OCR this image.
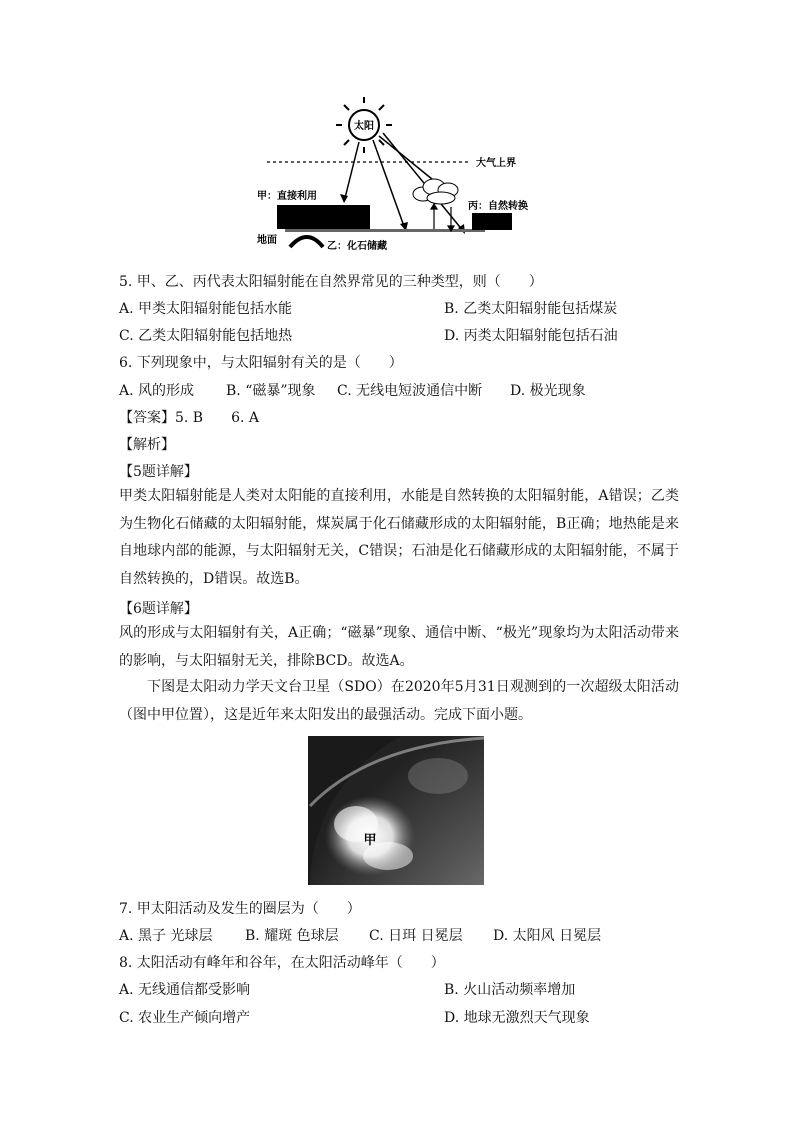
太阳
大气上界
甲：直接利用
丙：自然转换
地面
乙：化石储藏
5. 甲、乙、丙代表太阳辐射能在自然界常见的三种类型，则（　　）
A. 甲类太阳辐射能包括水能	B. 乙类太阳辐射能包括煤炭
C. 乙类太阳辐射能包括地热	D. 丙类太阳辐射能包括石油
6. 下列现象中，与太阳辐射有关的是（　　）
A. 风的形成 B. “磁暴”现象 C. 无线电短波通信中断 D. 极光现象
【答案】5. B　　6. A
【解析】
【5题详解】
甲类太阳辐射能是人类对太阳能的直接利用，水能是自然转换的太阳辐射能，A错误；乙类为生物化石储藏的太阳辐射能，煤炭属于化石储藏形成的太阳辐射能，B正确；地热能是来自地球内部的能源，与太阳辐射无关，C错误；石油是化石储藏形成的太阳辐射能，不属于自然转换的，D错误。故选B。
【6题详解】
风的形成与太阳辐射有关，A正确；“磁暴”现象、通信中断、“极光”现象均为太阳活动带来的影响，与太阳辐射无关，排除BCD。故选A。
下图是太阳动力学天文台卫星（SDO）在2020年5月31日观测到的一次超级太阳活动（图中甲位置），这是近年来太阳发出的最强活动。完成下面小题。
甲
7. 甲太阳活动及发生的圈层为（　　）
A. 黑子 光球层 B. 耀斑 色球层 C. 日珥 日冕层 D. 太阳风 日冕层
8. 太阳活动有峰年和谷年，在太阳活动峰年（　　）
A. 无线通信都受影响	B. 火山活动频率增加
C. 农业生产倾向增产	D. 地球无激烈天气现象
